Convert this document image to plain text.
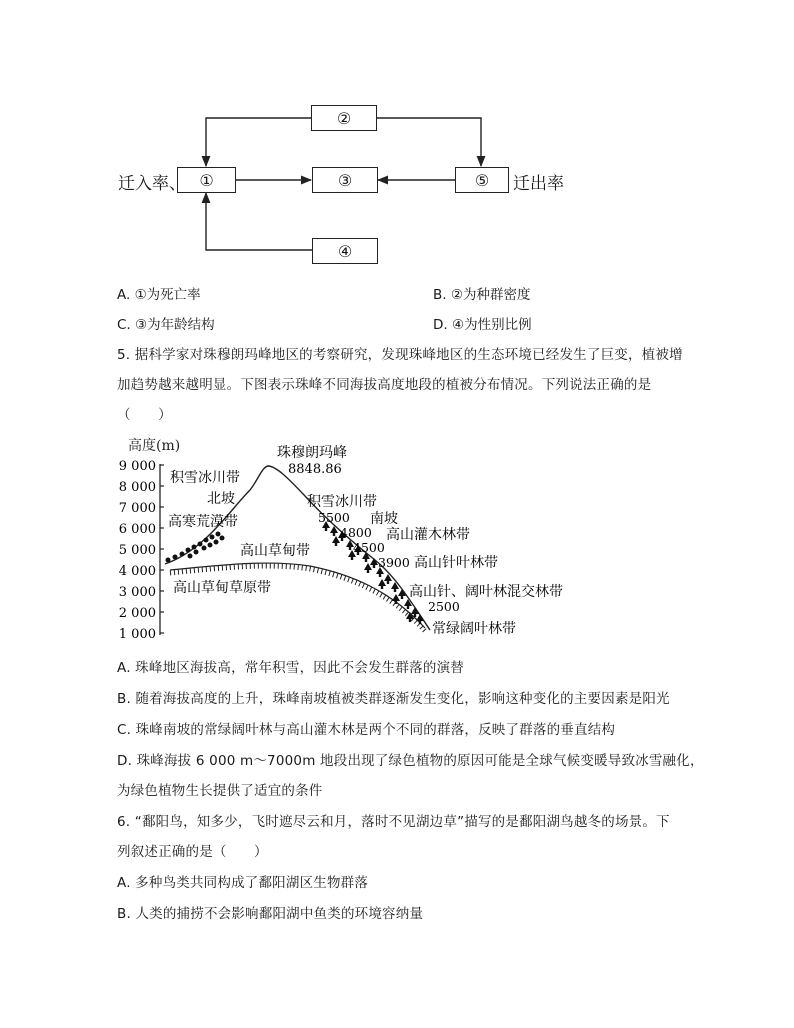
②
①	③	⑤
④
迁入率、	迁出率
A. ①为死亡率	B. ②为种群密度
C. ③为年龄结构	D. ④为性别比例
5. 据科学家对珠穆朗玛峰地区的考察研究，发现珠峰地区的生态环境已经发生了巨变，植被增
加趋势越来越明显。下图表示珠峰不同海拔高度地段的植被分布情况。下列说法正确的是
（　　）
高度(m)
9 000
8 000
7 000
6 000
5 000
4 000
3 000
2 000
1 000
珠穆朗玛峰
8848.86
积雪冰川带
北坡
高寒荒漠带
高山草甸带
高山草甸草原带
积雪冰川带
5500 南坡
4800 高山灌木林带
4500
3900 高山针叶林带
高山针、阔叶林混交林带
2500
常绿阔叶林带
A. 珠峰地区海拔高，常年积雪，因此不会发生群落的演替
B. 随着海拔高度的上升，珠峰南坡植被类群逐渐发生变化，影响这种变化的主要因素是阳光
C. 珠峰南坡的常绿阔叶林与高山灌木林是两个不同的群落，反映了群落的垂直结构
D. 珠峰海拔 6 000 m～7000m 地段出现了绿色植物的原因可能是全球气候变暖导致冰雪融化，
为绿色植物生长提供了适宜的条件
6. “鄱阳鸟，知多少，飞时遮尽云和月，落时不见湖边草”描写的是鄱阳湖鸟越冬的场景。下
列叙述正确的是（　　）
A. 多种鸟类共同构成了鄱阳湖区生物群落
B. 人类的捕捞不会影响鄱阳湖中鱼类的环境容纳量
